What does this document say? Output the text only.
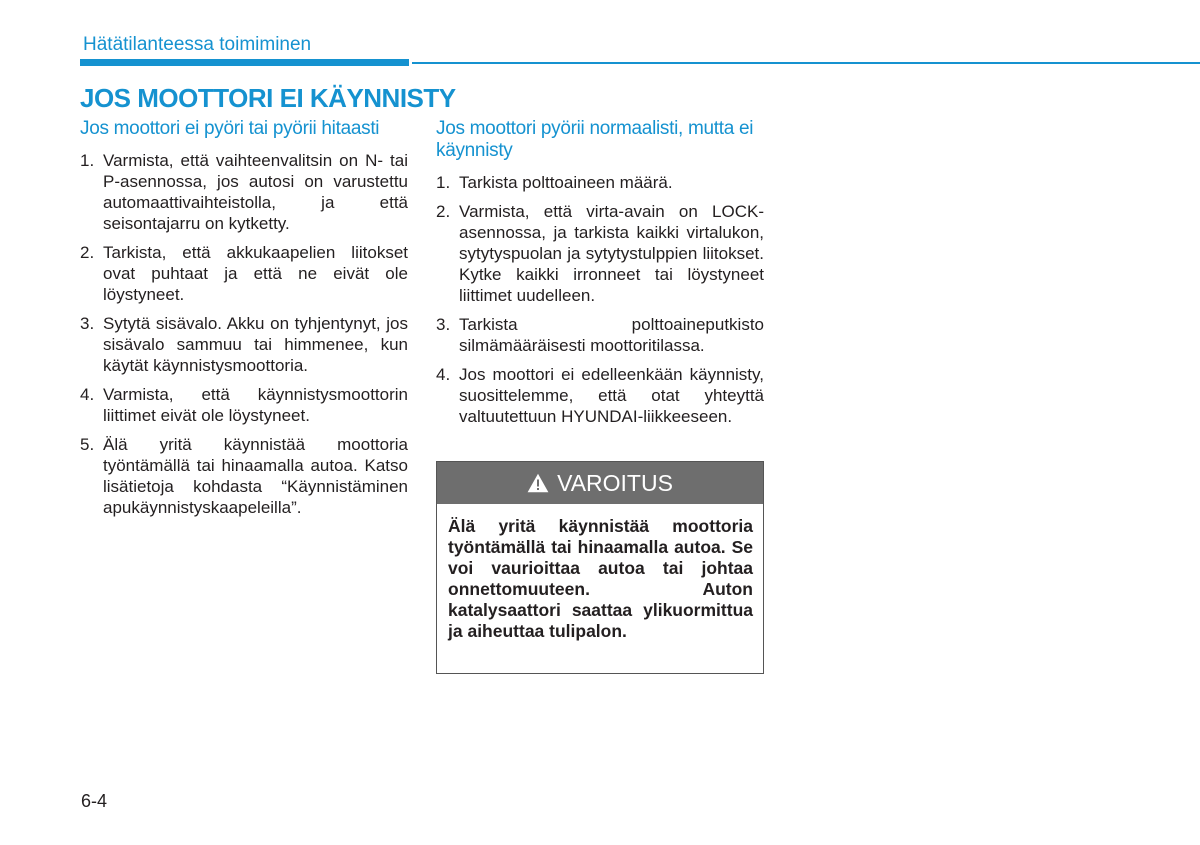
Hätätilanteessa toimiminen
JOS MOOTTORI EI KÄYNNISTY
Jos moottori ei pyöri tai pyörii hitaasti
1. Varmista, että vaihteenvalitsin on N- tai P-asennossa, jos autosi on varustettu automaattivaihteistolla, ja että seisontajarru on kytketty.
2. Tarkista, että akkukaapelien liitokset ovat puhtaat ja että ne eivät ole löystyneet.
3. Sytytä sisävalo. Akku on tyhjentynyt, jos sisävalo sammuu tai himmenee, kun käytät käynnistysmoottoria.
4. Varmista, että käynnistysmoottorin liittimet eivät ole löystyneet.
5. Älä yritä käynnistää moottoria työntämällä tai hinaamalla autoa. Katso lisätietoja kohdasta “Käynnistäminen apukäynnistyskaapeleilla”.
Jos moottori pyörii normaalisti, mutta ei käynnisty
1. Tarkista polttoaineen määrä.
2. Varmista, että virta-avain on LOCK-asennossa, ja tarkista kaikki virtalukon, sytytyspuolan ja sytytystulppien liitokset. Kytke kaikki irronneet tai löystyneet liittimet uudelleen.
3. Tarkista polttoaineputkisto silmämääräisesti moottoritilassa.
4. Jos moottori ei edelleenkään käynnisty, suosittelemme, että otat yhteyttä valtuutettuun HYUNDAI-liikkeeseen.
VAROITUS
Älä yritä käynnistää moottoria työntämällä tai hinaamalla autoa. Se voi vaurioittaa autoa tai johtaa onnettomuuteen. Auton katalysaattori saattaa ylikuormittua ja aiheuttaa tulipalon.
6-4
